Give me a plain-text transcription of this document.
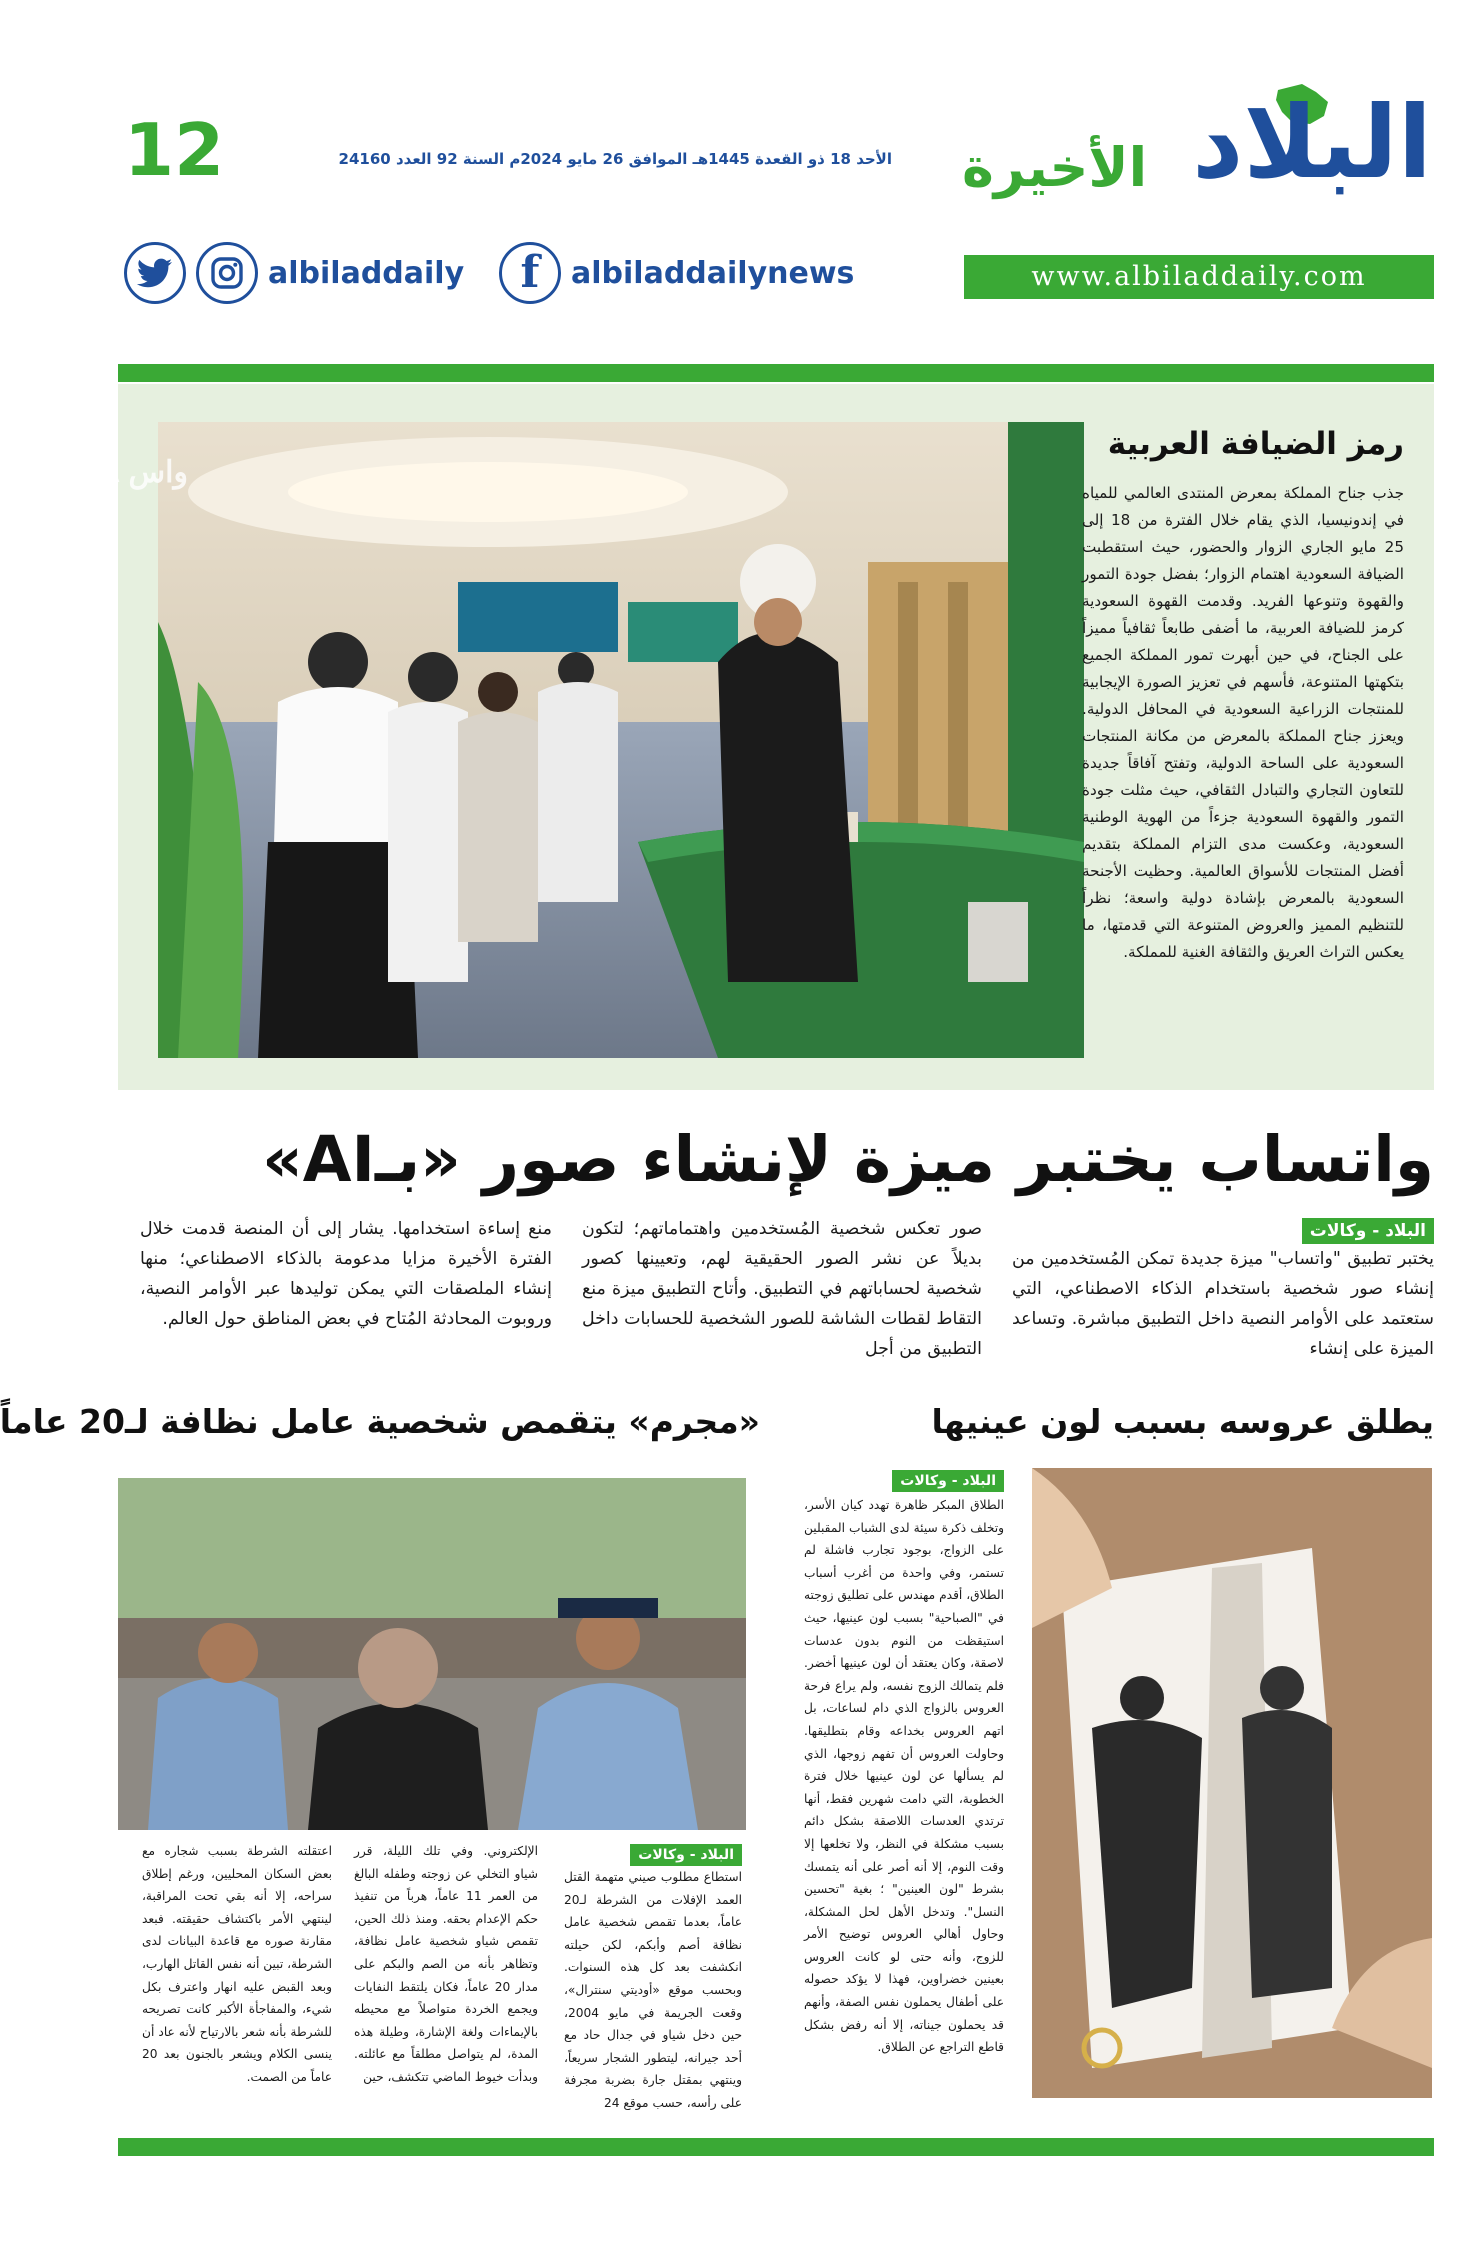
البلاد
الأخيرة
12	الأحد 18 ذو القعدة 1445هـ الموافق 26 مايو 2024م السنة 92 العدد 24160
www.albiladdaily.com
f albiladdailynews
albiladdaily
واس SPA
رمز الضيافة العربية
جذب جناح المملكة بمعرض المنتدى العالمي للمياه في إندونيسيا، الذي يقام خلال الفترة من 18 إلى 25 مايو الجاري الزوار والحضور، حيث استقطبت الضيافة السعودية اهتمام الزوار؛ بفضل جودة التمور والقهوة وتنوعها الفريد. وقدمت القهوة السعودية كرمز للضيافة العربية، ما أضفى طابعاً ثقافياً مميزاً على الجناح، في حين أبهرت تمور المملكة الجميع بتكهتها المتنوعة، فأسهم في تعزيز الصورة الإيجابية للمنتجات الزراعية السعودية في المحافل الدولية. ويعزز جناح المملكة بالمعرض من مكانة المنتجات السعودية على الساحة الدولية، وتفتح آفاقاً جديدة للتعاون التجاري والتبادل الثقافي، حيث مثلت جودة التمور والقهوة السعودية جزءاً من الهوية الوطنية السعودية، وعكست مدى التزام المملكة بتقديم أفضل المنتجات للأسواق العالمية. وحظيت الأجنحة السعودية بالمعرض بإشادة دولية واسعة؛ نظراً للتنظيم المميز والعروض المتنوعة التي قدمتها، ما يعكس التراث العريق والثقافة الغنية للمملكة.
واتساب يختبر ميزة لإنشاء صور «بـAI»
البلاد - وكالات
يختبر تطبيق "واتساب" ميزة جديدة تمكن المُستخدمين من إنشاء صور شخصية باستخدام الذكاء الاصطناعي، التي ستعتمد على الأوامر النصية داخل التطبيق مباشرة. وتساعد الميزة على إنشاء
صور تعكس شخصية المُستخدمين واهتماماتهم؛ لتكون بديلاً عن نشر الصور الحقيقية لهم، وتعيينها كصور شخصية لحساباتهم في التطبيق. وأتاح التطبيق ميزة منع التقاط لقطات الشاشة للصور الشخصية للحسابات داخل التطبيق من أجل
منع إساءة استخدامها. يشار إلى أن المنصة قدمت خلال الفترة الأخيرة مزايا مدعومة بالذكاء الاصطناعي؛ منها إنشاء الملصقات التي يمكن توليدها عبر الأوامر النصية، وروبوت المحادثة المُتاح في بعض المناطق حول العالم.
يطلق عروسه بسبب لون عينيها
البلاد - وكالات
الطلاق المبكر ظاهرة تهدد كيان الأسر، وتخلف ذكرة سيئة لدى الشباب المقبلين على الزواج، بوجود تجارب فاشلة لم تستمر، وفي واحدة من أغرب أسباب الطلاق، أقدم مهندس على تطليق زوجته في "الصباحية" بسبب لون عينيها، حيث استيقظت من النوم بدون عدسات لاصقة، وكان يعتقد أن لون عينيها أخضر. فلم يتمالك الزوج نفسه، ولم يراع فرحة العروس بالزواج الذي دام لساعات، بل اتهم العروس بخداعه وقام بتطليقها. وحاولت العروس أن تفهم زوجها، الذي لم يسألها عن لون عينيها خلال فترة الخطوبة، التي دامت شهرين فقط، أنها ترتدي العدسات اللاصقة بشكل دائم بسبب مشكلة في النظر، ولا تخلعها إلا وقت النوم، إلا أنه أصر على أنه يتمسك بشرط "لون العينين" ؛ بغية "تحسين النسل". وتدخل الأهل لحل المشكلة، وحاول أهالي العروس توضيح الأمر للزوج، وأنه حتى لو كانت العروس بعينين خضراوين، فهذا لا يؤكد حصوله على أطفال يحملون نفس الصفة، وأنهم قد يحملون جيناته، إلا أنه رفض بشكل قاطع التراجع عن الطلاق.
«مجرم» يتقمص شخصية عامل نظافة لـ20 عاماً
البلاد - وكالات
استطاع مطلوب صيني متهمة القتل العمد الإفلات من الشرطة لـ20 عاماً، بعدما تقمص شخصية عامل نظافة أصم وأبكم، لكن حيلته انكشفت بعد كل هذه السنوات. وبحسب موقع «أوديتي سنترال»، وقعت الجريمة في مايو 2004، حين دخل شياو في جدال حاد مع أحد جيرانه، ليتطور الشجار سريعاً، وينتهي بمقتل جارة بضربة مجرفة على رأسه، حسب موقع 24
الإلكتروني. وفي تلك الليلة، قرر شياو التخلي عن زوجته وطفله البالغ من العمر 11 عاماً، هرباً من تنفيذ حكم الإعدام بحقه. ومنذ ذلك الحين، تقمص شياو شخصية عامل نظافة، وتظاهر بأنه من الصم والبكم على مدار 20 عاماً، فكان يلتقط النفايات ويجمع الخردة متواصلاً مع محيطه بالإيماءات ولغة الإشارة، وطيلة هذه المدة، لم يتواصل مطلقاً مع عائلته. وبدأت خيوط الماضي تتكشف، حين
اعتقلته الشرطة بسبب شجاره مع بعض السكان المحليين، ورغم إطلاق سراحه، إلا أنه بقي تحت المراقبة، لينتهي الأمر باكتشاف حقيقته. فبعد مقارنة صوره مع قاعدة البيانات لدى الشرطة، تبين أنه نفس القاتل الهارب، وبعد القبض عليه انهار واعترف بكل شيء، والمفاجأة الأكبر كانت تصريحه للشرطة بأنه شعر بالارتياح لأنه عاد أن ينسى الكلام ويشعر بالجنون بعد 20 عاماً من الصمت.
